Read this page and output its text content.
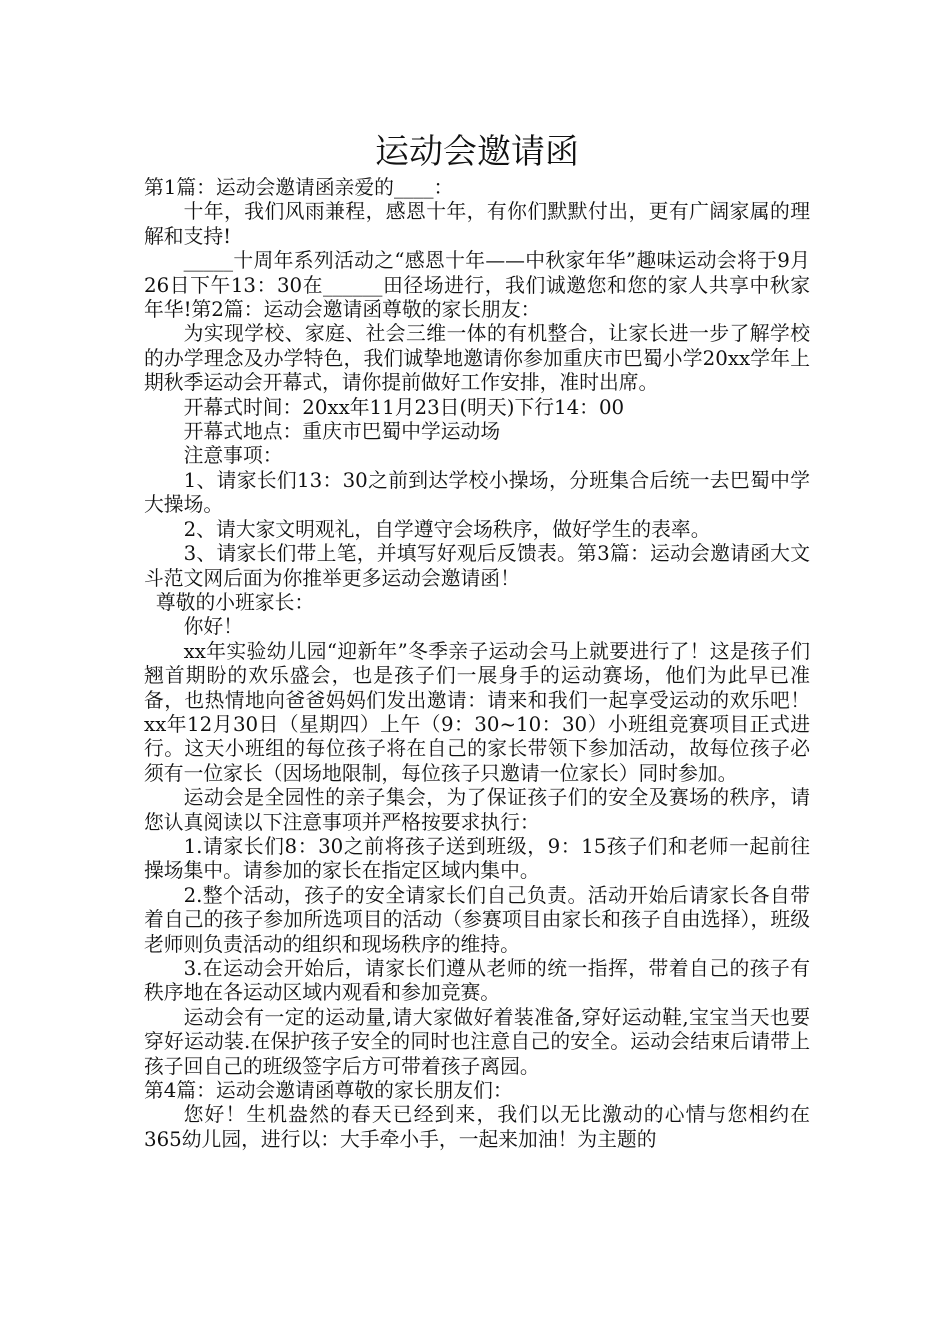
运动会邀请函

第1篇：运动会邀请函亲爱的____：

十年，我们风雨兼程，感恩十年，有你们默默付出，更有广阔家属的理解和支持!

_____十周年系列活动之“感恩十年——中秋家年华”趣味运动会将于9月26日下午13：30在______田径场进行，我们诚邀您和您的家人共享中秋家年华!第2篇：运动会邀请函尊敬的家长朋友：

为实现学校、家庭、社会三维一体的有机整合，让家长进一步了解学校的办学理念及办学特色，我们诚挚地邀请你参加重庆市巴蜀小学20xx学年上期秋季运动会开幕式，请你提前做好工作安排，准时出席。

开幕式时间：20xx年11月23日(明天)下行14：00

开幕式地点：重庆市巴蜀中学运动场

注意事项：

1、请家长们13：30之前到达学校小操场，分班集合后统一去巴蜀中学大操场。

2、请大家文明观礼，自学遵守会场秩序，做好学生的表率。

3、请家长们带上笔，并填写好观后反馈表。第3篇：运动会邀请函大文斗范文网后面为你推举更多运动会邀请函！

尊敬的小班家长：

你好！

xx年实验幼儿园“迎新年”冬季亲子运动会马上就要进行了！这是孩子们翘首期盼的欢乐盛会，也是孩子们一展身手的运动赛场，他们为此早已准备，也热情地向爸爸妈妈们发出邀请：请来和我们一起享受运动的欢乐吧！xx年12月30日（星期四）上午（9：30~10：30）小班组竞赛项目正式进行。这天小班组的每位孩子将在自己的家长带领下参加活动，故每位孩子必须有一位家长（因场地限制，每位孩子只邀请一位家长）同时参加。

运动会是全园性的亲子集会，为了保证孩子们的安全及赛场的秩序，请您认真阅读以下注意事项并严格按要求执行：

1.请家长们8：30之前将孩子送到班级，9：15孩子们和老师一起前往操场集中。请参加的家长在指定区域内集中。

2.整个活动，孩子的安全请家长们自己负责。活动开始后请家长各自带着自己的孩子参加所选项目的活动（参赛项目由家长和孩子自由选择），班级老师则负责活动的组织和现场秩序的维持。

3.在运动会开始后，请家长们遵从老师的统一指挥，带着自己的孩子有秩序地在各运动区域内观看和参加竞赛。

运动会有一定的运动量,请大家做好着装准备,穿好运动鞋,宝宝当天也要穿好运动装.在保护孩子安全的同时也注意自己的安全。运动会结束后请带上孩子回自己的班级签字后方可带着孩子离园。

第4篇：运动会邀请函尊敬的家长朋友们：

您好！生机盎然的春天已经到来，我们以无比激动的心情与您相约在365幼儿园，进行以：大手牵小手，一起来加油！为主题的
